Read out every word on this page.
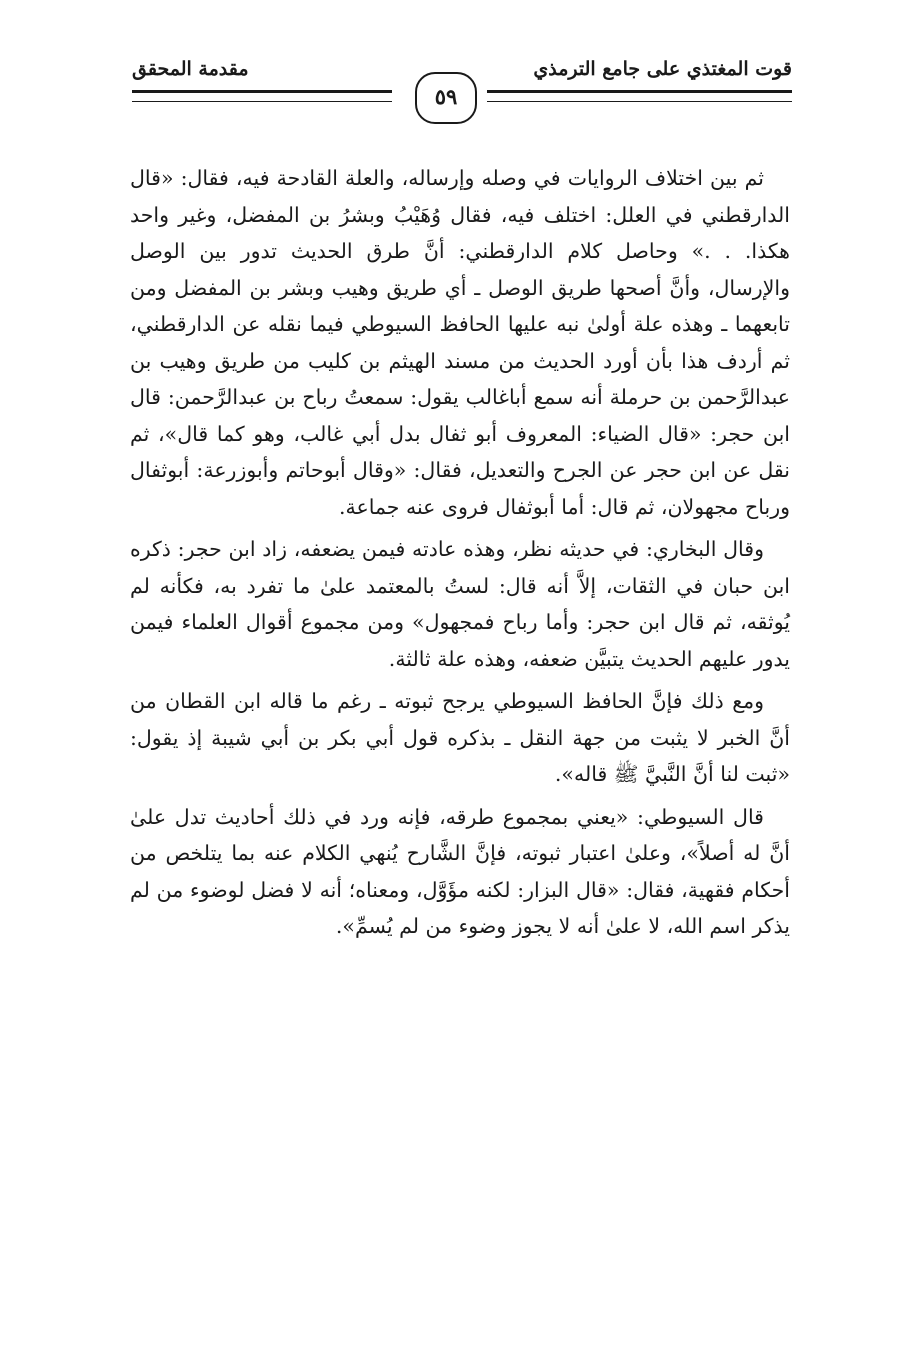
قوت المغتذي على جامع الترمذي
٥٩
مقدمة المحقق

ثم بين اختلاف الروايات في وصله وإرساله، والعلة القادحة فيه، فقال: «قال الدارقطني في العلل: اختلف فيه، فقال وُهَيْبُ وبشرُ بن المفضل، وغير واحد هكذا. . .» وحاصل كلام الدارقطني: أنَّ طرق الحديث تدور بين الوصل والإرسال، وأنَّ أصحها طريق الوصل ـ أي طريق وهيب وبشر بن المفضل ومن تابعهما ـ وهذه علة أولىٰ نبه عليها الحافظ السيوطي فيما نقله عن الدارقطني، ثم أردف هذا بأن أورد الحديث من مسند الهيثم بن كليب من طريق وهيب بن عبدالرَّحمن بن حرملة أنه سمع أباغالب يقول: سمعتُ رباح بن عبدالرَّحمن: قال ابن حجر: «قال الضياء: المعروف أبو ثفال بدل أبي غالب، وهو كما قال»، ثم نقل عن ابن حجر عن الجرح والتعديل، فقال: «وقال أبوحاتم وأبوزرعة: أبوثفال ورباح مجهولان، ثم قال: أما أبوثفال فروى عنه جماعة.

وقال البخاري: في حديثه نظر، وهذه عادته فيمن يضعفه، زاد ابن حجر: ذكره ابن حبان في الثقات، إلاَّ أنه قال: لستُ بالمعتمد علىٰ ما تفرد به، فكأنه لم يُوثقه، ثم قال ابن حجر: وأما رباح فمجهول» ومن مجموع أقوال العلماء فيمن يدور عليهم الحديث يتبيَّن ضعفه، وهذه علة ثالثة.

ومع ذلك فإنَّ الحافظ السيوطي يرجح ثبوته ـ رغم ما قاله ابن القطان من أنَّ الخبر لا يثبت من جهة النقل ـ بذكره قول أبي بكر بن أبي شيبة إذ يقول: «ثبت لنا أنَّ النَّبيَّ ﷺ قاله».

قال السيوطي: «يعني بمجموع طرقه، فإنه ورد في ذلك أحاديث تدل علىٰ أنَّ له أصلاً»، وعلىٰ اعتبار ثبوته، فإنَّ الشَّارح يُنهي الكلام عنه بما يتلخص من أحكام فقهية، فقال: «قال البزار: لكنه مؤَوَّل، ومعناه؛ أنه لا فضل لوضوء من لم يذكر اسم الله، لا علىٰ أنه لا يجوز وضوء من لم يُسمِّ».
